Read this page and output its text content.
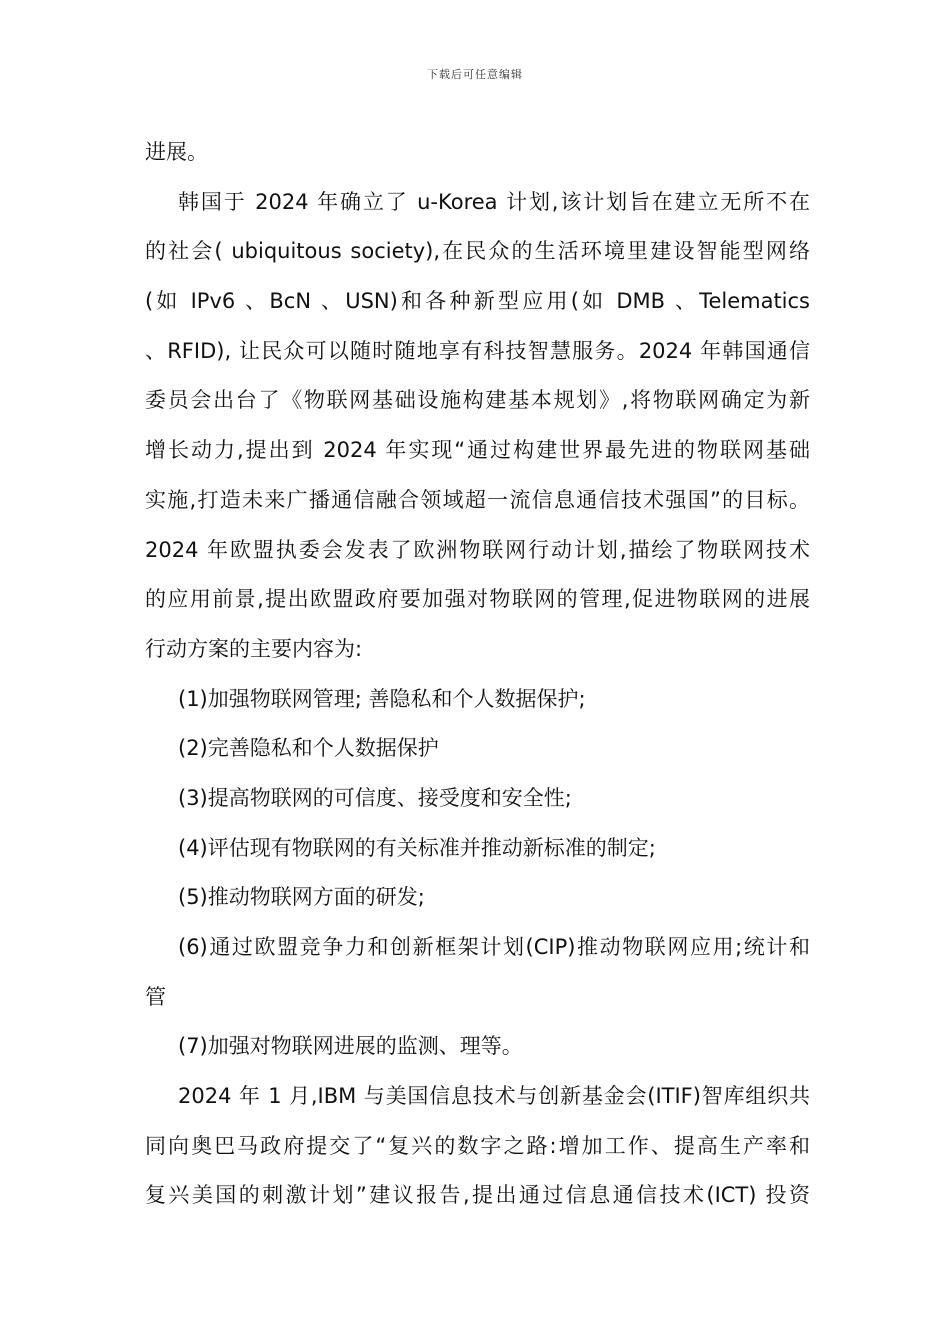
下载后可任意编辑
进展。
韩国于 2024 年确立了 u-Korea 计划,该计划旨在建立无所不在
的社会( ubiquitous society),在民众的生活环境里建设智能型网络
(如 IPv6 、BcN 、USN)和各种新型应用(如 DMB 、Telematics
、RFID), 让民众可以随时随地享有科技智慧服务。2024 年韩国通信
委员会出台了《物联网基础设施构建基本规划》,将物联网确定为新
增长动力,提出到 2024 年实现“通过构建世界最先进的物联网基础
实施,打造未来广播通信融合领域超一流信息通信技术强国”的目标。
2024 年欧盟执委会发表了欧洲物联网行动计划,描绘了物联网技术
的应用前景,提出欧盟政府要加强对物联网的管理,促进物联网的进展
行动方案的主要内容为:
(1)加强物联网管理; 善隐私和个人数据保护;
(2)完善隐私和个人数据保护
(3)提高物联网的可信度、接受度和安全性;
(4)评估现有物联网的有关标准并推动新标准的制定;
(5)推动物联网方面的研发;
(6)通过欧盟竞争力和创新框架计划(CIP)推动物联网应用;统计和
管
(7)加强对物联网进展的监测、理等。
2024 年 1 月,IBM 与美国信息技术与创新基金会(ITIF)智库组织共
同向奥巴马政府提交了“复兴的数字之路:增加工作、提高生产率和
复兴美国的刺激计划”建议报告,提出通过信息通信技术(ICT) 投资
